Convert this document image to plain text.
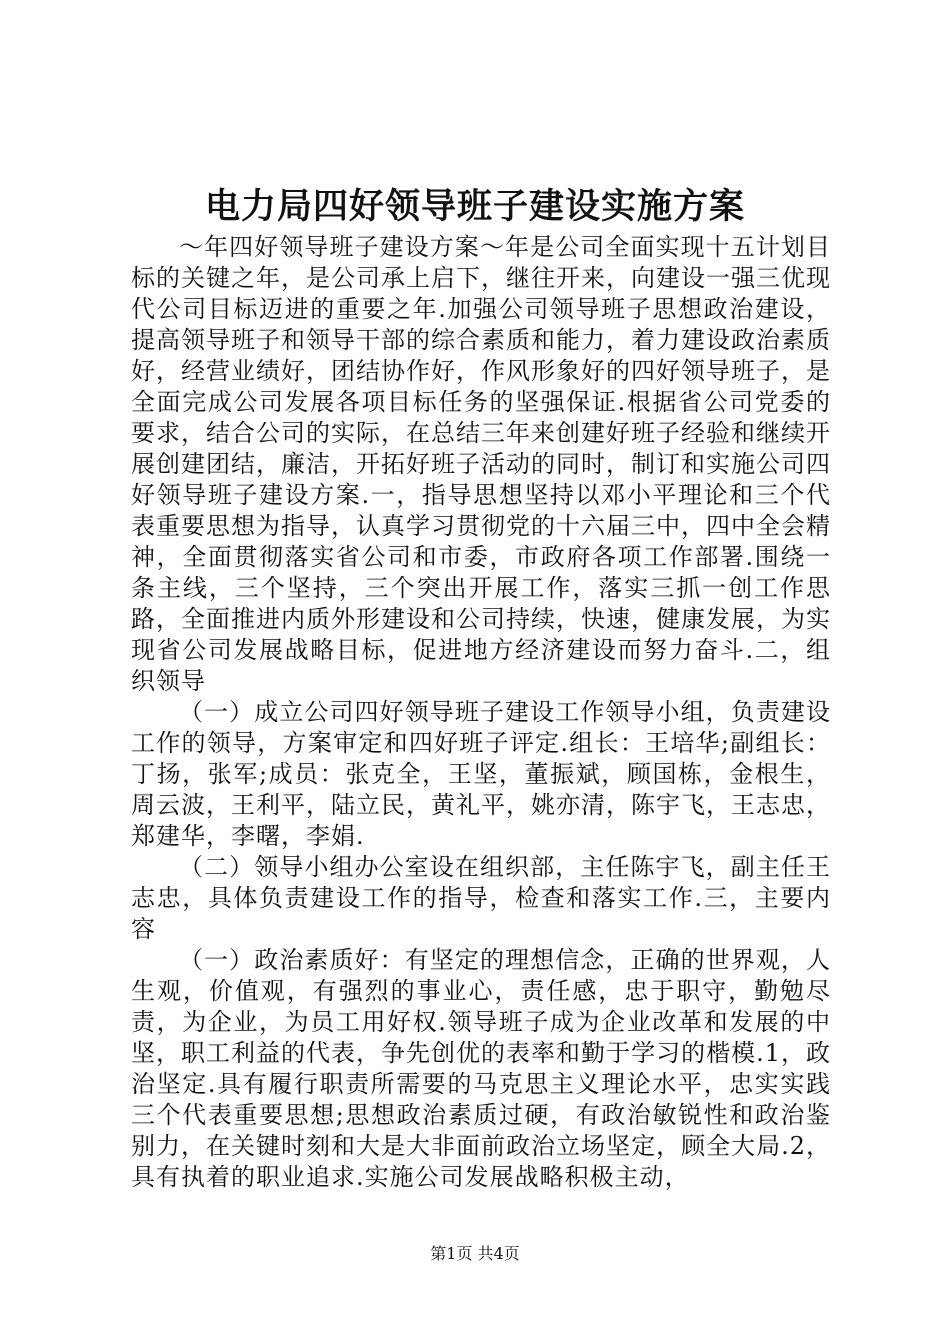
电力局四好领导班子建设实施方案

～年四好领导班子建设方案～年是公司全面实现十五计划目标的关键之年，是公司承上启下，继往开来，向建设一强三优现代公司目标迈进的重要之年.加强公司领导班子思想政治建设，提高领导班子和领导干部的综合素质和能力，着力建设政治素质好，经营业绩好，团结协作好，作风形象好的四好领导班子，是全面完成公司发展各项目标任务的坚强保证.根据省公司党委的要求，结合公司的实际，在总结三年来创建好班子经验和继续开展创建团结，廉洁，开拓好班子活动的同时，制订和实施公司四好领导班子建设方案.一，指导思想坚持以邓小平理论和三个代表重要思想为指导，认真学习贯彻党的十六届三中，四中全会精神，全面贯彻落实省公司和市委，市政府各项工作部署.围绕一条主线，三个坚持，三个突出开展工作，落实三抓一创工作思路，全面推进内质外形建设和公司持续，快速，健康发展，为实现省公司发展战略目标，促进地方经济建设而努力奋斗.二，组织领导

（一）成立公司四好领导班子建设工作领导小组，负责建设工作的领导，方案审定和四好班子评定.组长：王培华;副组长：丁扬，张军;成员：张克全，王坚，董振斌，顾国栋，金根生，周云波，王利平，陆立民，黄礼平，姚亦清，陈宇飞，王志忠，郑建华，李曙，李娟.

（二）领导小组办公室设在组织部，主任陈宇飞，副主任王志忠，具体负责建设工作的指导，检查和落实工作.三，主要内容

（一）政治素质好：有坚定的理想信念，正确的世界观，人生观，价值观，有强烈的事业心，责任感，忠于职守，勤勉尽责，为企业，为员工用好权.领导班子成为企业改革和发展的中坚，职工利益的代表，争先创优的表率和勤于学习的楷模.1，政治坚定.具有履行职责所需要的马克思主义理论水平，忠实实践三个代表重要思想;思想政治素质过硬，有政治敏锐性和政治鉴别力，在关键时刻和大是大非面前政治立场坚定，顾全大局.2，具有执着的职业追求.实施公司发展战略积极主动，

第1页 共4页
